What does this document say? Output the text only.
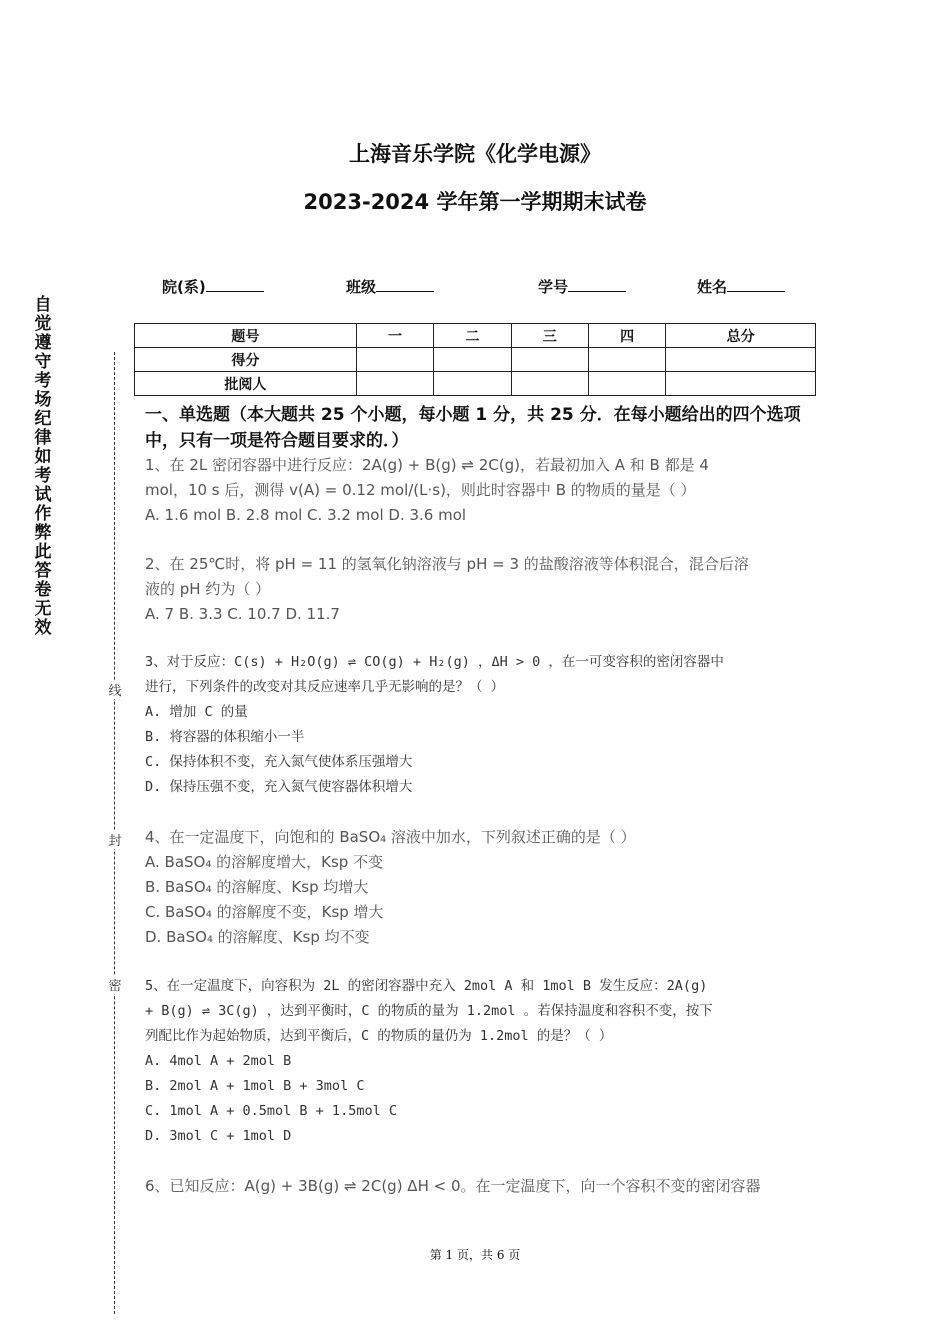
上海音乐学院《化学电源》
2023-2024 学年第一学期期末试卷
院(系)	班级	学号	姓名
自
觉
遵
守
考
场
纪
律
如
考
试
作
弊
此
答
卷
无
效
线
封
密
题号	一	二	三	四	总分
得分					
批阅人					
一、单选题（本大题共 25 个小题，每小题 1 分，共 25 分．在每小题给出的四个选项中，只有一项是符合题目要求的．）
1、在 2L 密闭容器中进行反应：2A(g) + B(g) ⇌ 2C(g)，若最初加入 A 和 B 都是 4
mol，10 s 后，测得 v(A) = 0.12 mol/(L·s)，则此时容器中 B 的物质的量是（ ）
A. 1.6 mol B. 2.8 mol C. 3.2 mol D. 3.6 mol
2、在 25℃时，将 pH = 11 的氢氧化钠溶液与 pH = 3 的盐酸溶液等体积混合，混合后溶
液的 pH 约为（ ）
A. 7 B. 3.3 C. 10.7 D. 11.7
3、对于反应：C(s) + H₂O(g) ⇌ CO(g) + H₂(g) ，ΔH > 0 ，在一可变容积的密闭容器中
进行，下列条件的改变对其反应速率几乎无影响的是？（ ）
A. 增加 C 的量
B. 将容器的体积缩小一半
C. 保持体积不变，充入氮气使体系压强增大
D. 保持压强不变，充入氮气使容器体积增大
4、在一定温度下，向饱和的 BaSO₄ 溶液中加水，下列叙述正确的是（ ）
A. BaSO₄ 的溶解度增大，Ksp 不变
B. BaSO₄ 的溶解度、Ksp 均增大
C. BaSO₄ 的溶解度不变，Ksp 增大
D. BaSO₄ 的溶解度、Ksp 均不变
5、在一定温度下，向容积为 2L 的密闭容器中充入 2mol A 和 1mol B 发生反应：2A(g)
+ B(g) ⇌ 3C(g) ，达到平衡时，C 的物质的量为 1.2mol 。若保持温度和容积不变，按下
列配比作为起始物质，达到平衡后，C 的物质的量仍为 1.2mol 的是？（ ）
A. 4mol A + 2mol B
B. 2mol A + 1mol B + 3mol C
C. 1mol A + 0.5mol B + 1.5mol C
D. 3mol C + 1mol D
6、已知反应：A(g) + 3B(g) ⇌ 2C(g) ΔH < 0。在一定温度下，向一个容积不变的密闭容器
第 1 页，共 6 页
